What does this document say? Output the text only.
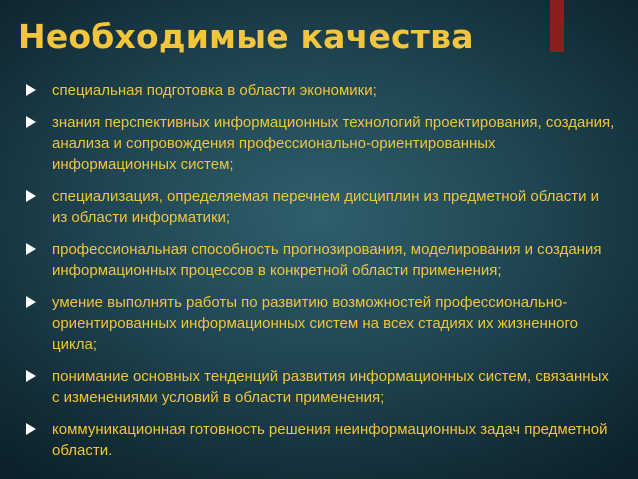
Необходимые качества
специальная подготовка в области экономики;
знания перспективных информационных технологий проектирования, создания, анализа и сопровождения профессионально-ориентированных информационных систем;
специализация, определяемая перечнем дисциплин из предметной области и из области информатики;
профессиональная способность прогнозирования, моделирования и создания информационных процессов в конкретной области применения;
умение выполнять работы по развитию возможностей профессионально-ориентированных информационных систем на всех стадиях их жизненного цикла;
понимание основных тенденций развития информационных систем, связанных с изменениями условий в области применения;
коммуникационная готовность решения неинформационных задач предметной области.
